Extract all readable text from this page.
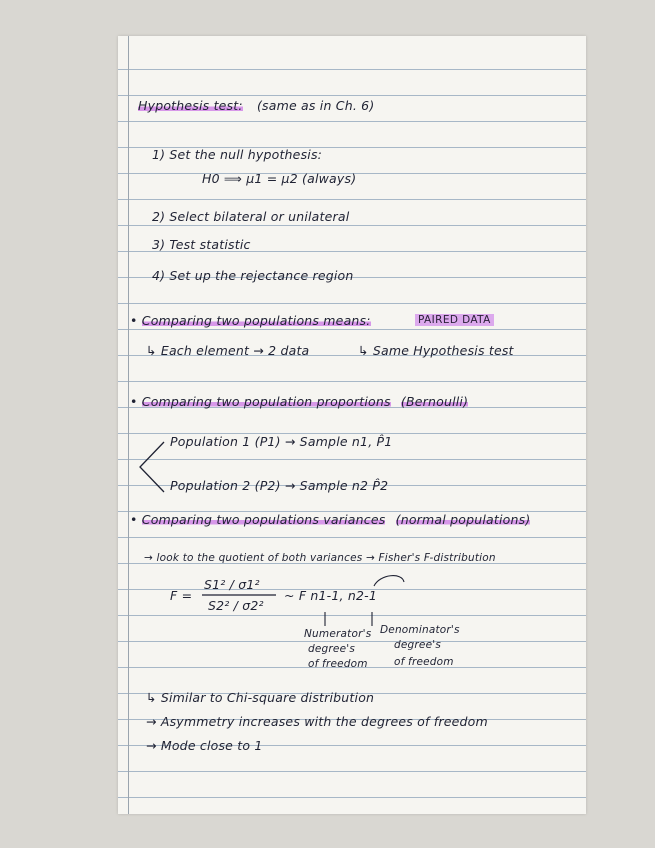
Hypothesis test: (same as in Ch. 6)
1) Set the null hypothesis:
H0 ⟹ μ1 = μ2 (always)
2) Select bilateral or unilateral
3) Test statistic
4) Set up the rejectance region
• Comparing two populations means:	PAIRED DATA
↳ Each element → 2 data	↳ Same Hypothesis test
• Comparing two population proportions (Bernoulli)
Population 1 (P1) → Sample n1, P̂1
Population 2 (P2) → Sample n2 P̂2
• Comparing two populations variances (normal populations)
→ look to the quotient of both variances → Fisher's F-distribution
F =
S1² / σ1²
S2² / σ2²
~ F n1-1, n2-1
Numerator's
degree's
of freedom
Denominator's
degree's
of freedom
↳ Similar to Chi-square distribution
→ Asymmetry increases with the degrees of freedom
→ Mode close to 1
